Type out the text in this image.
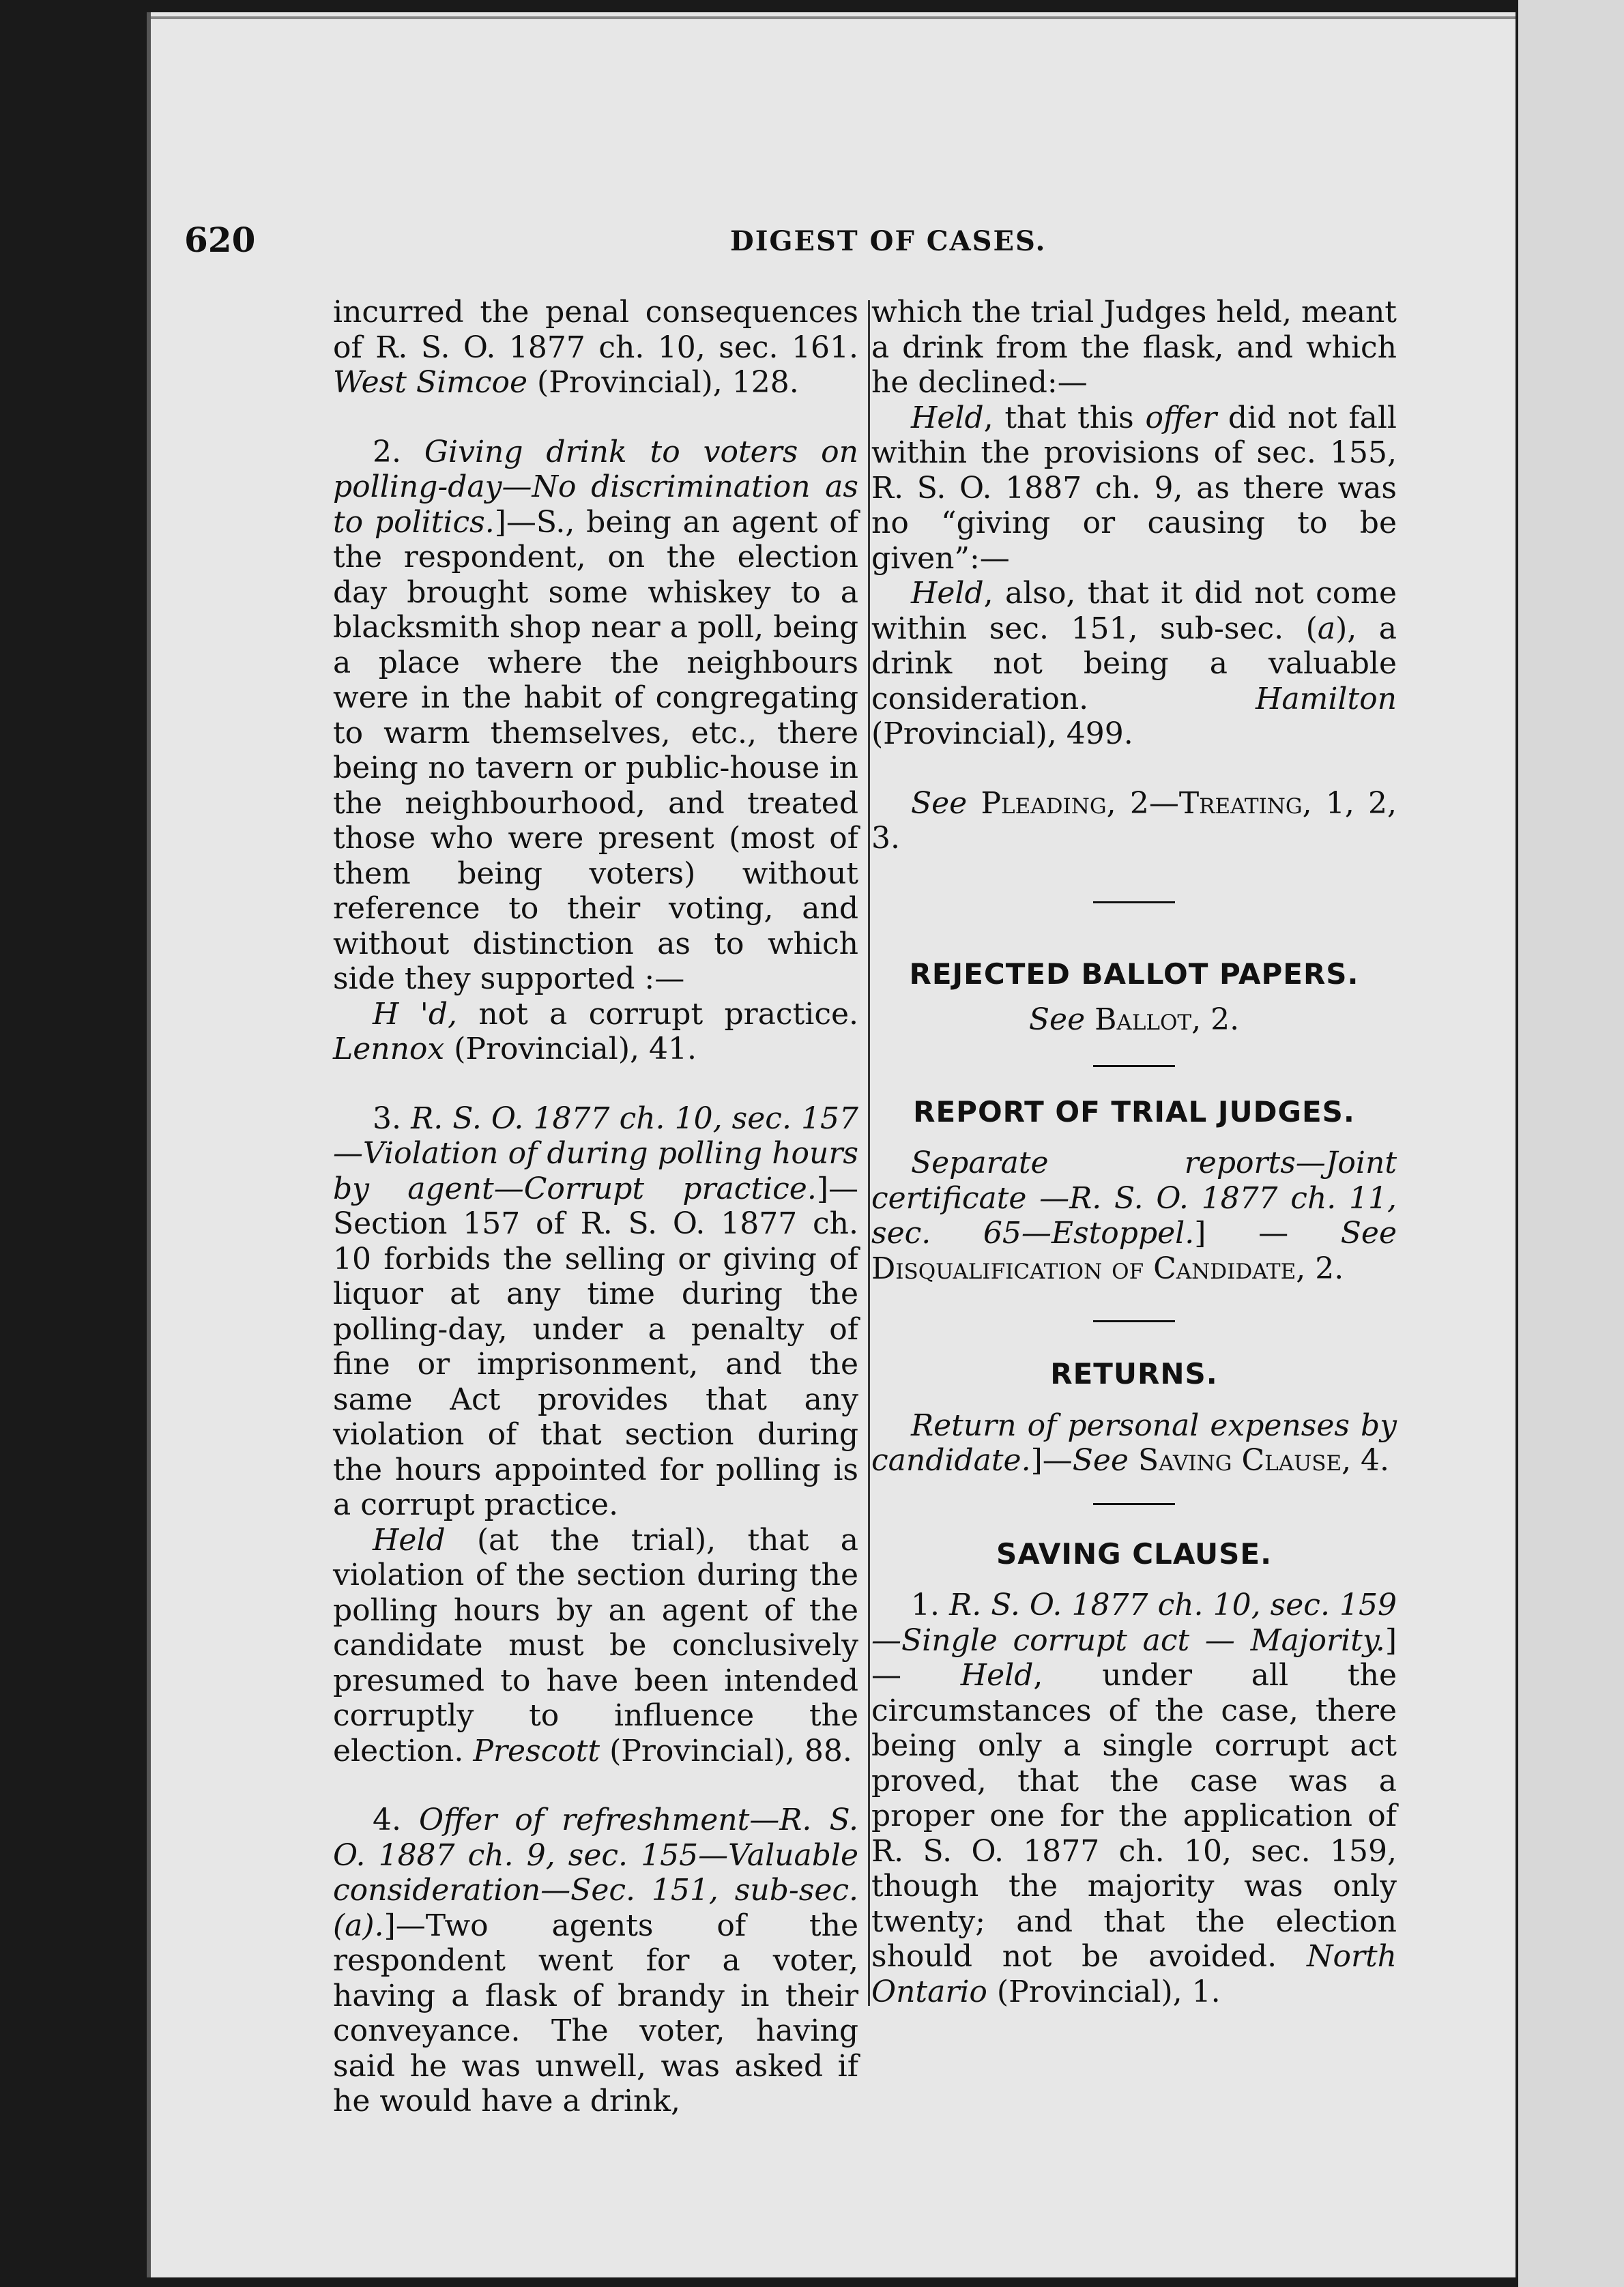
620	DIGEST OF CASES.

incurred the penal consequences of R. S. O. 1877 ch. 10, sec. 161. West Simcoe (Provincial), 128.

2. Giving drink to voters on polling-day—No discrimination as to politics.]—S., being an agent of the respondent, on the election day brought some whiskey to a blacksmith shop near a poll, being a place where the neighbours were in the habit of congregating to warm themselves, etc., there being no tavern or public-house in the neighbourhood, and treated those who were present (most of them being voters) without reference to their voting, and without distinction as to which side they supported :—

H 'd, not a corrupt practice. Lennox (Provincial), 41.

3. R. S. O. 1877 ch. 10, sec. 157 —Violation of during polling hours by agent—Corrupt practice.]—Section 157 of R. S. O. 1877 ch. 10 forbids the selling or giving of liquor at any time during the polling-day, under a penalty of fine or imprisonment, and the same Act provides that any violation of that section during the hours appointed for polling is a corrupt practice.

Held (at the trial), that a violation of the section during the polling hours by an agent of the candidate must be conclusively presumed to have been intended corruptly to influence the election. Prescott (Provincial), 88.

4. Offer of refreshment—R. S. O. 1887 ch. 9, sec. 155—Valuable consideration—Sec. 151, sub-sec. (a).]—Two agents of the respondent went for a voter, having a flask of brandy in their conveyance. The voter, having said he was unwell, was asked if he would have a drink,

which the trial Judges held, meant a drink from the flask, and which he declined:—

Held, that this offer did not fall within the provisions of sec. 155, R. S. O. 1887 ch. 9, as there was no “giving or causing to be given”:—

Held, also, that it did not come within sec. 151, sub-sec. (a), a drink not being a valuable consideration. Hamilton (Provincial), 499.

See Pleading, 2—Treating, 1, 2, 3.

REJECTED BALLOT PAPERS.

See Ballot, 2.

REPORT OF TRIAL JUDGES.

Separate reports—Joint certificate —R. S. O. 1877 ch. 11, sec. 65—Estoppel.] — See Disqualification of Candidate, 2.

RETURNS.

Return of personal expenses by candidate.]—See Saving Clause, 4.

SAVING CLAUSE.

1. R. S. O. 1877 ch. 10, sec. 159—Single corrupt act — Majority.] — Held, under all the circumstances of the case, there being only a single corrupt act proved, that the case was a proper one for the application of R. S. O. 1877 ch. 10, sec. 159, though the majority was only twenty; and that the election should not be avoided. North Ontario (Provincial), 1.
